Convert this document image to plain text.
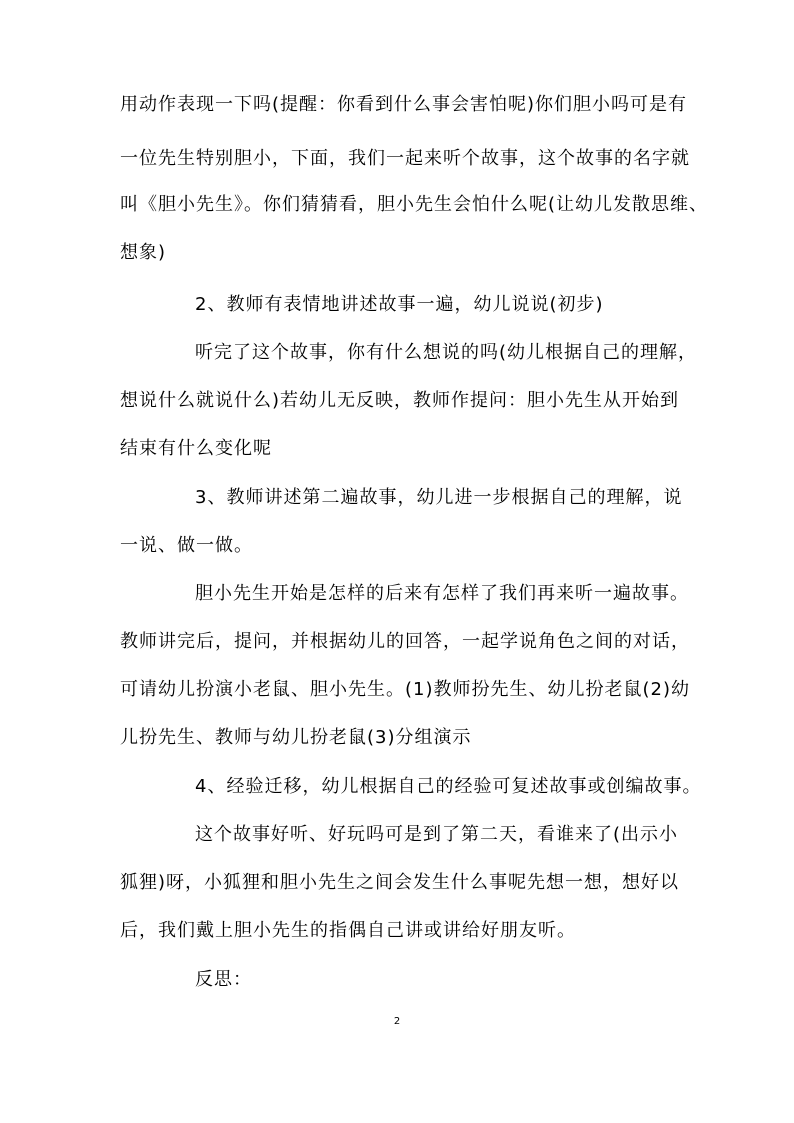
用动作表现一下吗(提醒：你看到什么事会害怕呢)你们胆小吗可是有
一位先生特别胆小，下面，我们一起来听个故事，这个故事的名字就
叫《胆小先生》。你们猜猜看，胆小先生会怕什么呢(让幼儿发散思维、
想象)
2、教师有表情地讲述故事一遍，幼儿说说(初步)
听完了这个故事，你有什么想说的吗(幼儿根据自己的理解，
想说什么就说什么)若幼儿无反映，教师作提问：胆小先生从开始到
结束有什么变化呢
3、教师讲述第二遍故事，幼儿进一步根据自己的理解，说
一说、做一做。
胆小先生开始是怎样的后来有怎样了我们再来听一遍故事。
教师讲完后，提问，并根据幼儿的回答，一起学说角色之间的对话，
可请幼儿扮演小老鼠、胆小先生。(1)教师扮先生、幼儿扮老鼠(2)幼
儿扮先生、教师与幼儿扮老鼠(3)分组演示
4、经验迁移，幼儿根据自己的经验可复述故事或创编故事。
这个故事好听、好玩吗可是到了第二天，看谁来了(出示小
狐狸)呀，小狐狸和胆小先生之间会发生什么事呢先想一想，想好以
后，我们戴上胆小先生的指偶自己讲或讲给好朋友听。
反思：
2
